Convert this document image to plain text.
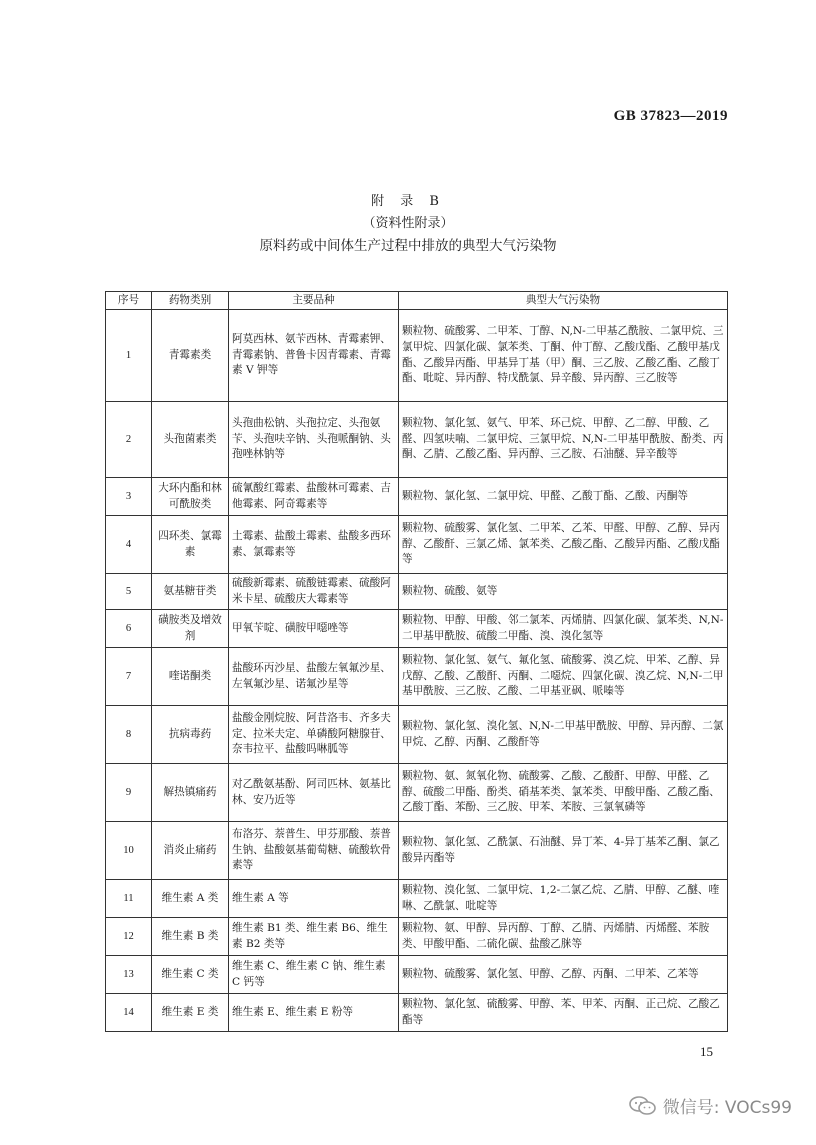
GB 37823—2019
附 录 B
（资料性附录）
原料药或中间体生产过程中排放的典型大气污染物
序号	药物类别	主要品种	典型大气污染物
1	青霉素类	阿莫西林、氨苄西林、青霉素钾、青霉素钠、普鲁卡因青霉素、青霉素 V 钾等	颗粒物、硫酸雾、二甲苯、丁醇、N,N-二甲基乙酰胺、二氯甲烷、三氯甲烷、四氯化碳、氯苯类、丁酮、仲丁醇、乙酸戊酯、乙酸甲基戊酯、乙酸异丙酯、甲基异丁基（甲）酮、三乙胺、乙酸乙酯、乙酸丁酯、吡啶、异丙醇、特戊酰氯、异辛酸、异丙醇、三乙胺等
2	头孢菌素类	头孢曲松钠、头孢拉定、头孢氨苄、头孢呋辛钠、头孢哌酮钠、头孢唑林钠等	颗粒物、氯化氢、氨气、甲苯、环己烷、甲醇、乙二醇、甲酸、乙醛、四氢呋喃、二氯甲烷、三氯甲烷、N,N-二甲基甲酰胺、酚类、丙酮、乙腈、乙酸乙酯、异丙醇、三乙胺、石油醚、异辛酸等
3	大环内酯和林可酰胺类	硫氰酸红霉素、盐酸林可霉素、吉他霉素、阿奇霉素等	颗粒物、氯化氢、二氯甲烷、甲醛、乙酸丁酯、乙酸、丙酮等
4	四环类、氯霉素	土霉素、盐酸土霉素、盐酸多西环素、氯霉素等	颗粒物、硫酸雾、氯化氢、二甲苯、乙苯、甲醛、甲醇、乙醇、异丙醇、乙酸酐、三氯乙烯、氯苯类、乙酸乙酯、乙酸异丙酯、乙酸戊酯等
5	氨基糖苷类	硫酸新霉素、硫酸链霉素、硫酸阿米卡星、硫酸庆大霉素等	颗粒物、硫酸、氨等
6	磺胺类及增效剂	甲氧苄啶、磺胺甲噁唑等	颗粒物、甲醇、甲酸、邻二氯苯、丙烯腈、四氯化碳、氯苯类、N,N-二甲基甲酰胺、硫酸二甲酯、溴、溴化氢等
7	喹诺酮类	盐酸环丙沙星、盐酸左氧氟沙星、左氧氟沙星、诺氟沙星等	颗粒物、氯化氢、氨气、氟化氢、硫酸雾、溴乙烷、甲苯、乙醇、异戊醇、乙酸、乙酸酐、丙酮、二噁烷、四氯化碳、溴乙烷、N,N-二甲基甲酰胺、三乙胺、乙酸、二甲基亚砜、哌嗪等
8	抗病毒药	盐酸金刚烷胺、阿昔洛韦、齐多夫定、拉米夫定、单磷酸阿糖腺苷、奈韦拉平、盐酸吗啉胍等	颗粒物、氯化氢、溴化氢、N,N-二甲基甲酰胺、甲醇、异丙醇、二氯甲烷、乙醇、丙酮、乙酸酐等
9	解热镇痛药	对乙酰氨基酚、阿司匹林、氨基比林、安乃近等	颗粒物、氨、氮氧化物、硫酸雾、乙酸、乙酸酐、甲醇、甲醛、乙醇、硫酸二甲酯、酚类、硝基苯类、氯苯类、甲酸甲酯、乙酸乙酯、乙酸丁酯、苯酚、三乙胺、甲苯、苯胺、三氯氧磷等
10	消炎止痛药	布洛芬、萘普生、甲芬那酸、萘普生钠、盐酸氨基葡萄糖、硫酸软骨素等	颗粒物、氯化氢、乙酰氯、石油醚、异丁苯、4-异丁基苯乙酮、氯乙酸异丙酯等
11	维生素 A 类	维生素 A 等	颗粒物、溴化氢、二氯甲烷、1,2-二氯乙烷、乙腈、甲醇、乙醚、喹啉、乙酰氯、吡啶等
12	维生素 B 类	维生素 B1 类、维生素 B6、维生素 B2 类等	颗粒物、氨、甲醇、异丙醇、丁醇、乙腈、丙烯腈、丙烯醛、苯胺类、甲酸甲酯、二硫化碳、盐酸乙脒等
13	维生素 C 类	维生素 C、维生素 C 钠、维生素 C 钙等	颗粒物、硫酸雾、氯化氢、甲醇、乙醇、丙酮、二甲苯、乙苯等
14	维生素 E 类	维生素 E、维生素 E 粉等	颗粒物、氯化氢、硫酸雾、甲醇、苯、甲苯、丙酮、正己烷、乙酸乙酯等
15
微信号: VOCs99
